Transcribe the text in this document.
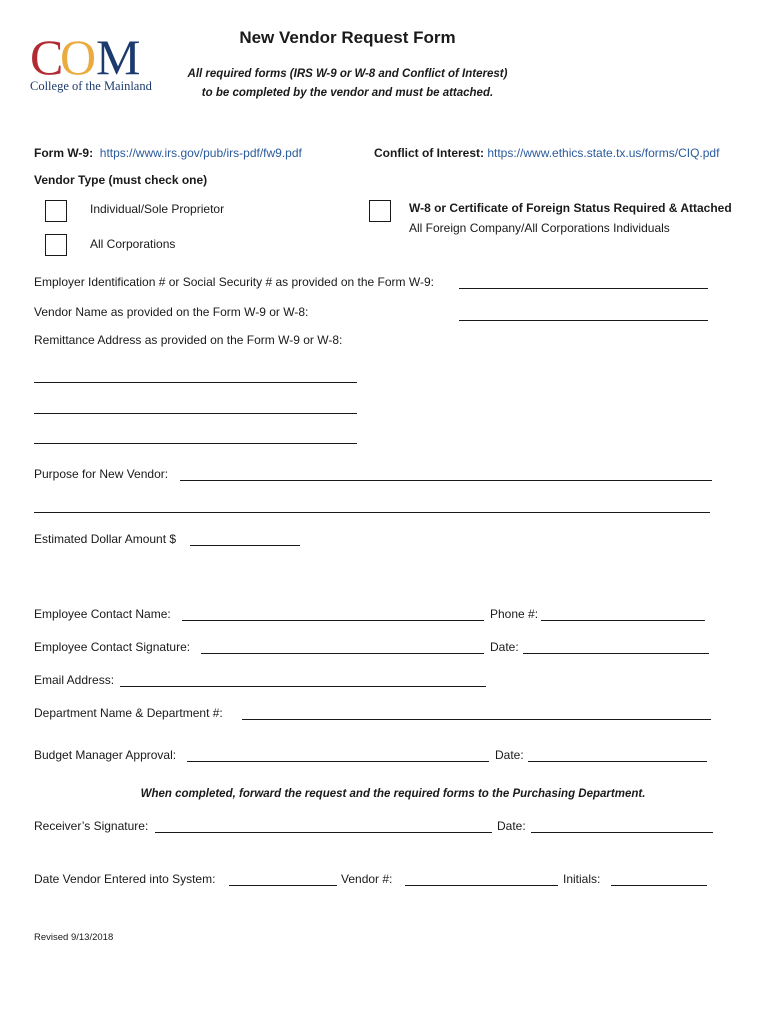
C
O M
College of the Mainland
New Vendor Request Form
All required forms (IRS W-9 or W-8 and Conflict of Interest)
to be completed by the vendor and must be attached.
Form W-9: https://www.irs.gov/pub/irs-pdf/fw9.pdf	Conflict of Interest: https://www.ethics.state.tx.us/forms/CIQ.pdf
Vendor Type (must check one)
Individual/Sole Proprietor
All Corporations
W-8 or Certificate of Foreign Status Required & Attached
All Foreign Company/All Corporations Individuals
Employer Identification # or Social Security # as provided on the Form W-9:
Vendor Name as provided on the Form W-9 or W-8:
Remittance Address as provided on the Form W-9 or W-8:
Purpose for New Vendor:
Estimated Dollar Amount $
Employee Contact Name:	Phone #:
Employee Contact Signature:	Date:
Email Address:
Department Name & Department #:
Budget Manager Approval:	Date:
When completed, forward the request and the required forms to the Purchasing Department.
Receiver’s Signature:	Date:
Date Vendor Entered into System:	Vendor #:	Initials:
Revised 9/13/2018
